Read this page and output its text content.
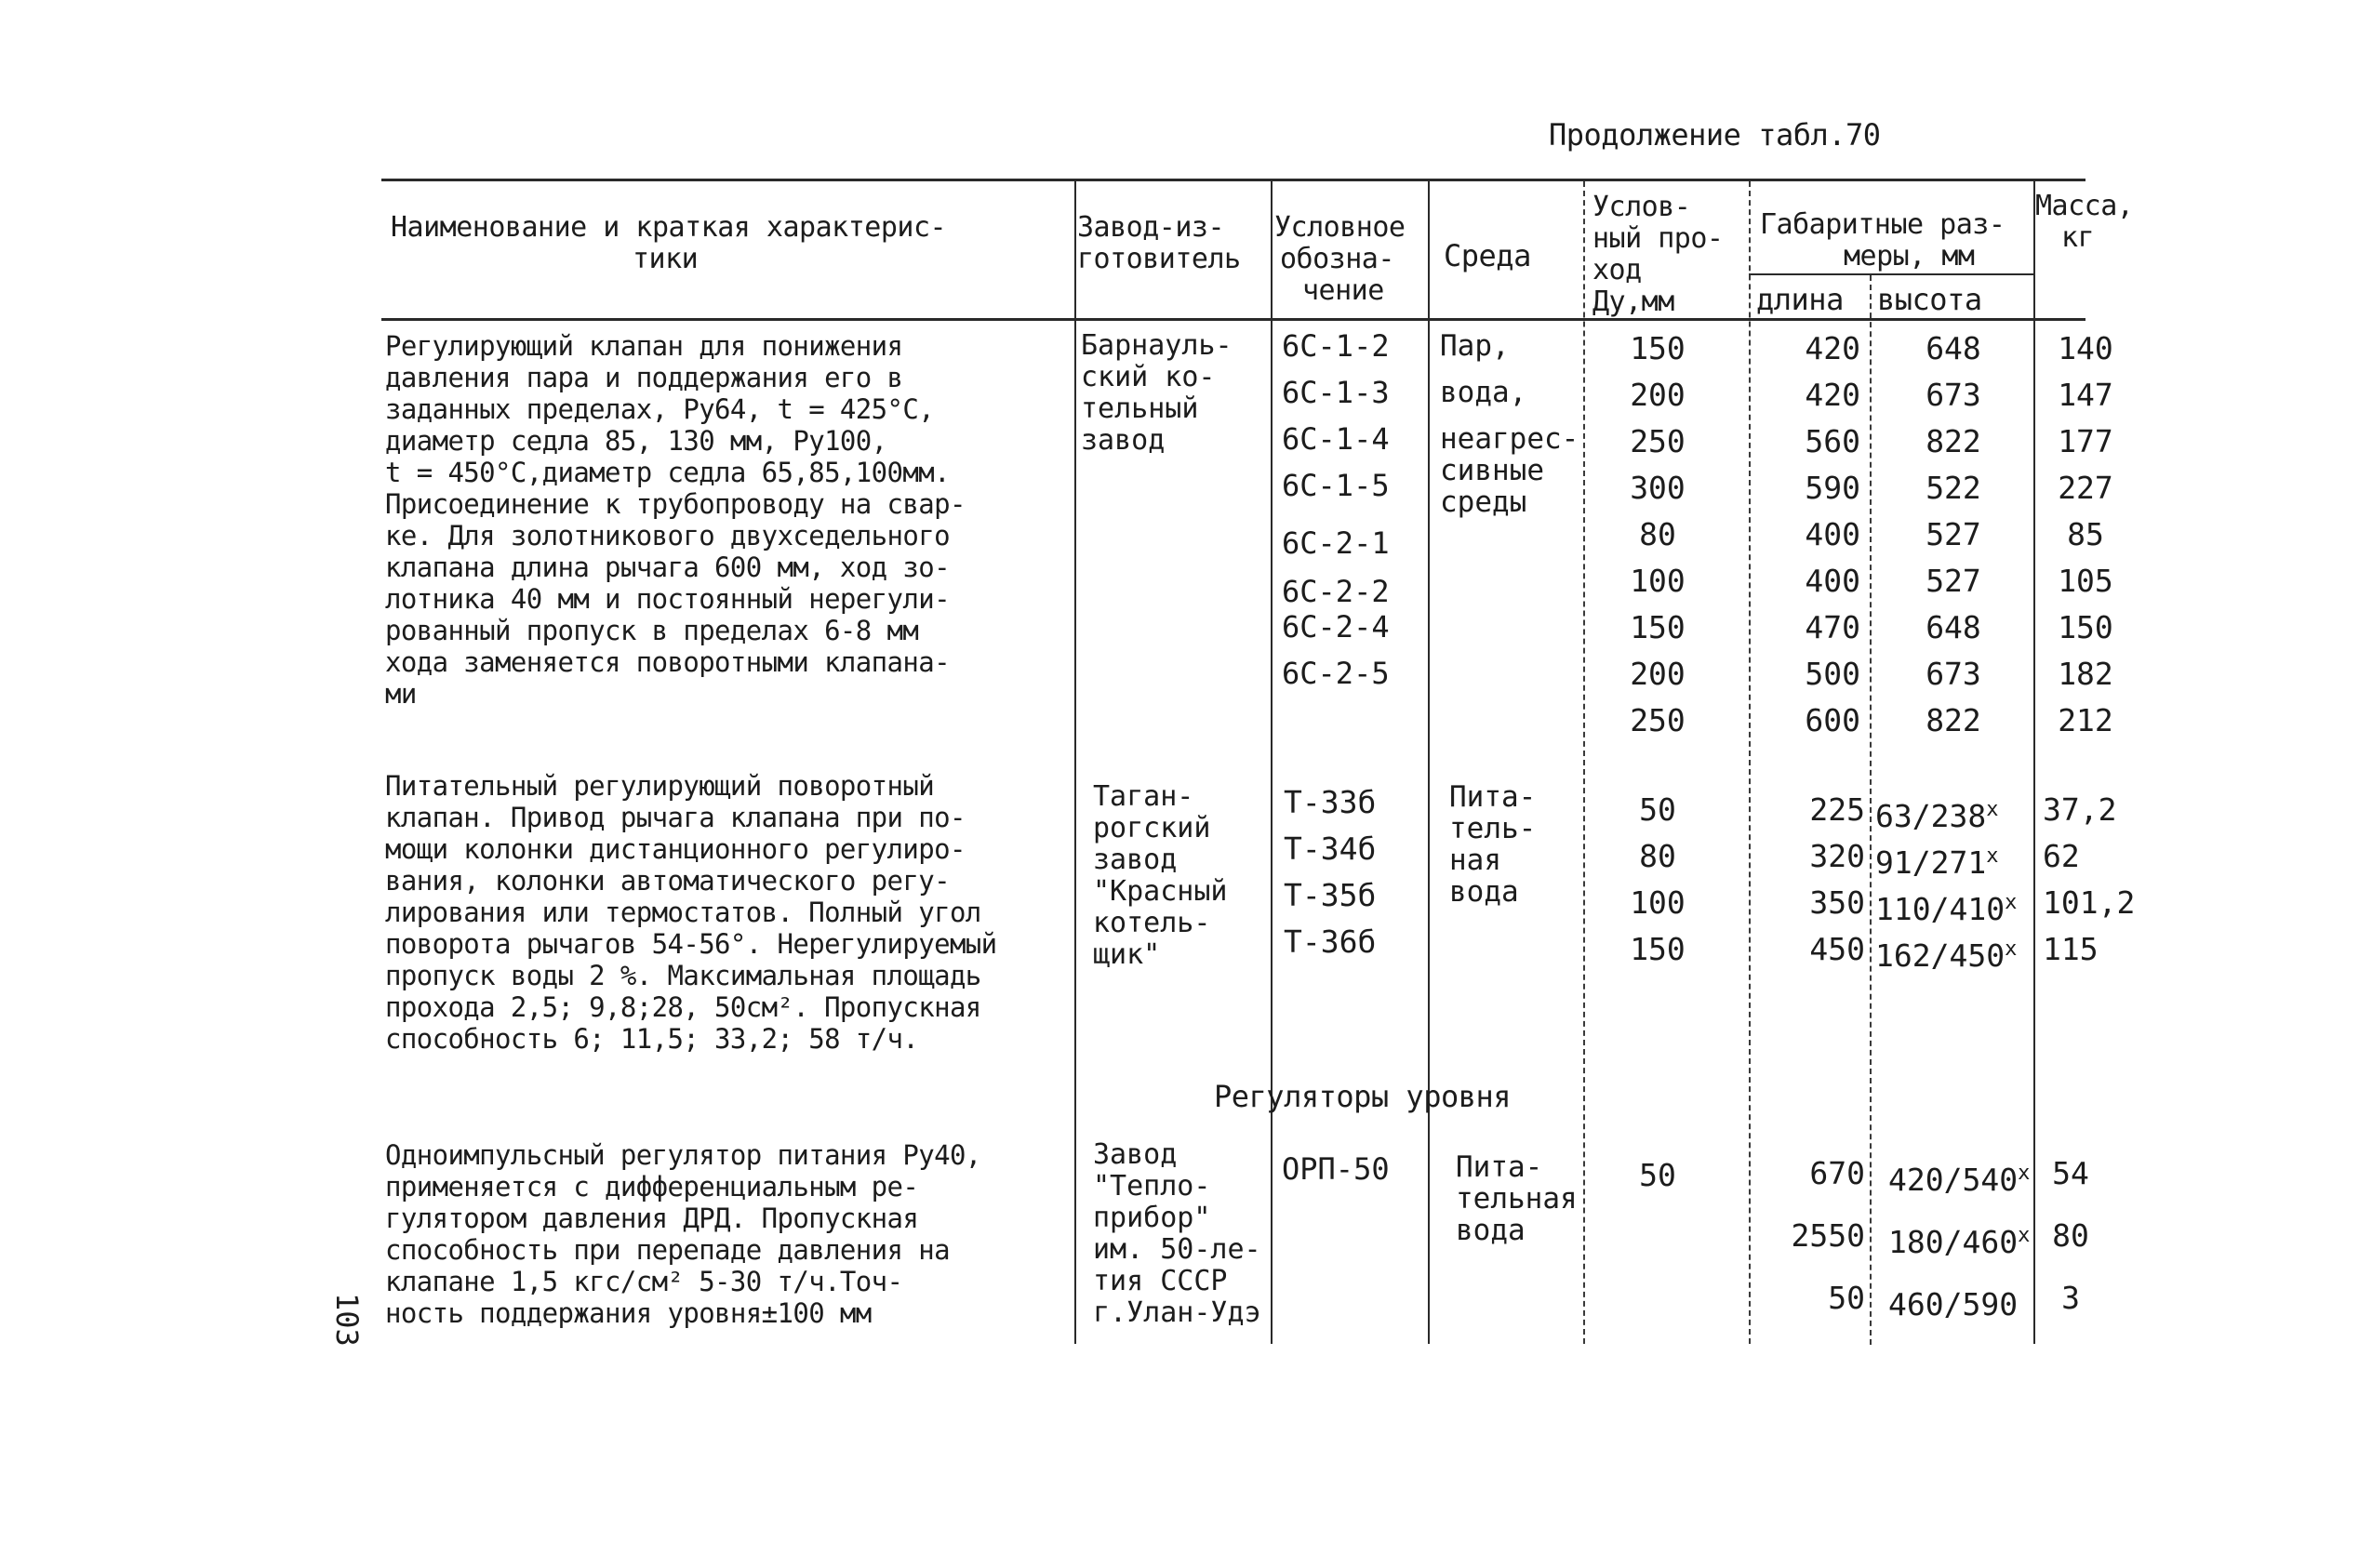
Продолжение табл.70
103
Наименование и краткая характерис-
тики
Завод-из-
готовитель
Условное
обозна-
чение
Среда
Услов-
ный про-
ход
Ду,мм
Габаритные раз-
меры, мм
длина высота
Масса,
кг
Регулирующий клапан для понижения
давления пара и поддержания его в
заданных пределах, Ру64, t = 425°С,
диаметр седла 85, 130 мм, Ру100,
t = 450°С,диаметр седла 65,85,100мм.
Присоединение к трубопроводу на свар-
ке. Для золотникового двухседельного
клапана длина рычага 600 мм, ход зо-
лотника 40 мм и постоянный нерегули-
рованный пропуск в пределах 6-8 мм
хода заменяется поворотными клапана-
ми
Барнауль-
ский ко-
тельный
завод
6С-1-2
6С-1-3
6С-1-4
6С-1-5
6С-2-1
6С-2-2
6С-2-4
6С-2-5
Пар,
вода,
неагрес-
сивные
среды
150
200
250
300
80
100
150
200
250
420
420
560
590
400
400
470
500
600
648
673
822
522
527
527
648
673
822
140
147
177
227
85
105
150
182
212
Питательный регулирующий поворотный
клапан. Привод рычага клапана при по-
мощи колонки дистанционного регулиро-
вания, колонки автоматического регу-
лирования или термостатов. Полный угол
поворота рычагов 54-56°. Нерегулируемый
пропуск воды 2 %. Максимальная площадь
прохода 2,5; 9,8;28, 50см². Пропускная
способность 6; 11,5; 33,2; 58 т/ч.
Таган-
рогский
завод
"Красный
котель-
щик"
Т-33б
Т-34б
Т-35б
Т-36б
Пита-
тель-
ная
вода
50
80
100
150
225
320
350
450
$63/238^х$
$91/271^х$
$110/410^х$
$162/450^х$
37,2
62
101,2
115
Регуляторы уровня
Одноимпульсный регулятор питания Ру40,
применяется с дифференциальным ре-
гулятором давления ДРД. Пропускная
способность при перепаде давления на
клапане 1,5 кгс/см² 5-30 т/ч.Точ-
ность поддержания уровня±100 мм
Завод
"Тепло-
прибор"
им. 50-ле-
тия СССР
г.Улан-Удэ
ОРП-50 Пита-
тельная
вода
50	670
2550
50
$420/540^х$
$180/460^х$
460/590
54
80
3
